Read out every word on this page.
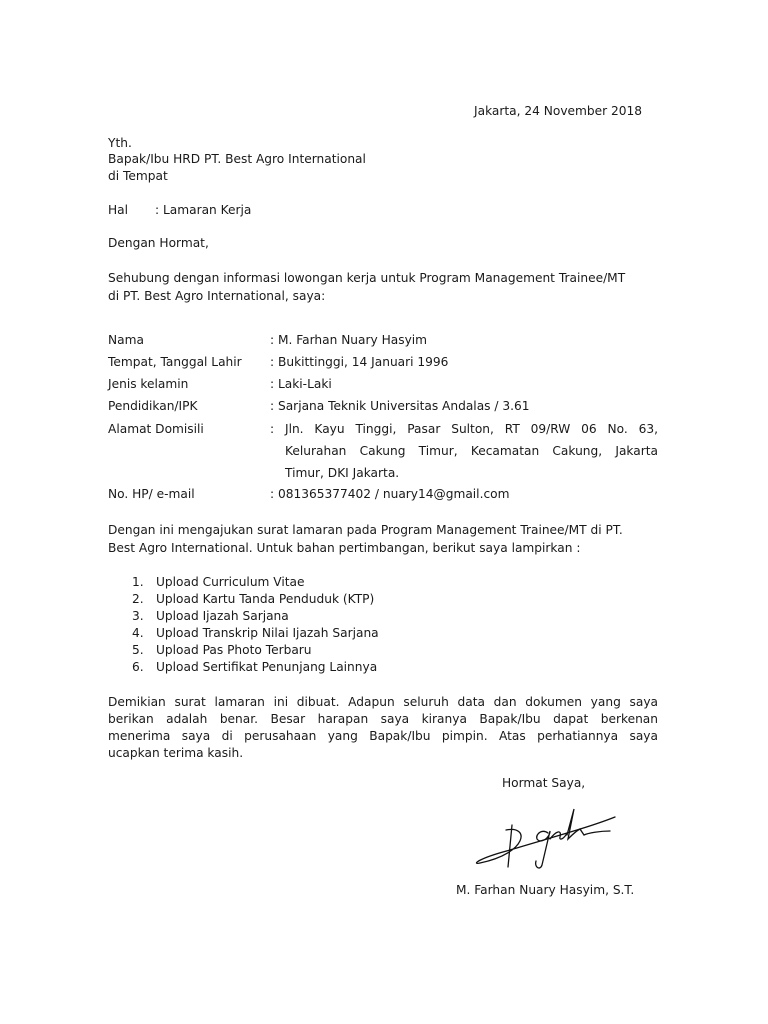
Jakarta, 24 November 2018
Yth.
Bapak/Ibu HRD PT. Best Agro International
di Tempat
Hal : Lamaran Kerja
Dengan Hormat,
Sehubung dengan informasi lowongan kerja untuk Program Management Trainee/MT
di PT. Best Agro International, saya:
Nama	: M. Farhan Nuary Hasyim
Tempat, Tanggal Lahir : Bukittinggi, 14 Januari 1996
Jenis kelamin	: Laki-Laki
Pendidikan/IPK	: Sarjana Teknik Universitas Andalas / 3.61
Alamat Domisili	: Jln. Kayu Tinggi, Pasar Sulton, RT 09/RW 06 No. 63,
Kelurahan Cakung Timur, Kecamatan Cakung, Jakarta
Timur, DKI Jakarta.
No. HP/ e-mail	: 081365377402 / nuary14@gmail.com
Dengan ini mengajukan surat lamaran pada Program Management Trainee/MT di PT.
Best Agro International. Untuk bahan pertimbangan, berikut saya lampirkan :
1. Upload Curriculum Vitae
2. Upload Kartu Tanda Penduduk (KTP)
3. Upload Ijazah Sarjana
4. Upload Transkrip Nilai Ijazah Sarjana
5. Upload Pas Photo Terbaru
6. Upload Sertifikat Penunjang Lainnya
Demikian surat lamaran ini dibuat. Adapun seluruh data dan dokumen yang saya
berikan adalah benar. Besar harapan saya kiranya Bapak/Ibu dapat berkenan
menerima saya di perusahaan yang Bapak/Ibu pimpin. Atas perhatiannya saya
ucapkan terima kasih.
Hormat Saya,
M. Farhan Nuary Hasyim, S.T.
